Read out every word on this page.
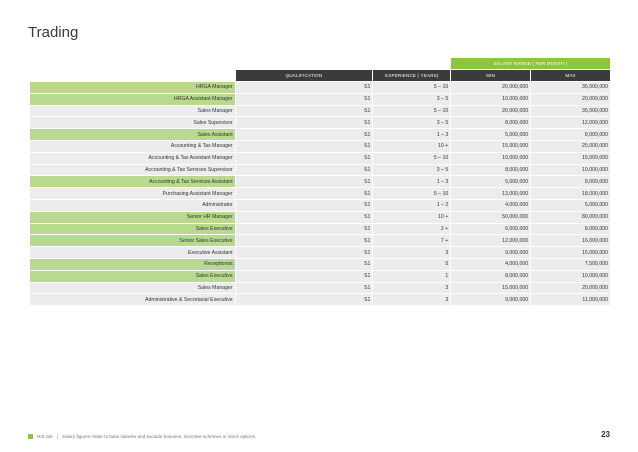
Trading
SALARY RANGE ( PER MONTH )
QUALIFICATION	EXPERIENCE ( YEARS)	MIN	MAX
HRGA Manager	S1	5 – 10	20,000,000	35,000,000
HRGA Assistant Manager	S1	3 – 5	10,000,000	20,000,000
Sales Manager	S1	5 – 10	20,000,000	35,000,000
Sales Supervisor	S1	3 – 5	8,000,000	12,000,000
Sales Assistant	S1	1 – 3	5,000,000	8,000,000
Accounting & Tax Manager	S1	10 +	15,000,000	25,000,000
Accounting & Tax Assistant Manager	S1	5 – 10	10,000,000	15,000,000
Accounting & Tax Services Supervisor	S1	3 – 5	8,000,000	10,000,000
Accounting & Tax Services Assistant	S1	1 – 3	5,000,000	8,000,000
Purchasing Assistant Manager	S1	5 – 10	13,000,000	18,000,000
Administrator	S1	1 – 2	4,000,000	5,000,000
Senior HR Manager	S1	10 +	50,000,000	80,000,000
Sales Executive	S1	2 +	6,000,000	8,000,000
Senior Sales Executive	S1	7 +	12,000,000	16,000,000
Executive Assistant	S1	3	9,000,000	15,000,000
Receptionist	S1	5	4,000,000	7,500,000
Sales Executive	S1	1	8,000,000	10,000,000
Sales Manager	S1	3	15,000,000	20,000,000
Administrative & Secretarial Executive	S1	3	9,000,000	11,000,000
Hot Job | Salary figures relate to base salaries and exclude bonuses, incentive schemes or stock options.	23
